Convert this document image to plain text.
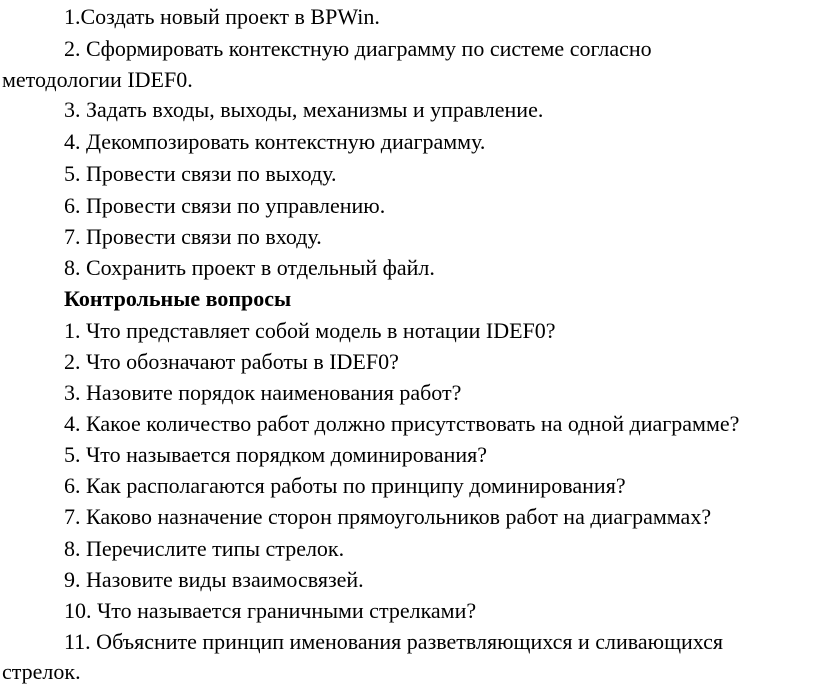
1.Создать новый проект в BPWin.
2. Сформировать контекстную диаграмму по системе согласно
методологии IDEF0.
3. Задать входы, выходы, механизмы и управление.
4. Декомпозировать контекстную диаграмму.
5. Провести связи по выходу.
6. Провести связи по управлению.
7. Провести связи по входу.
8. Сохранить проект в отдельный файл.
Контрольные вопросы
1. Что представляет собой модель в нотации IDEF0?
2. Что обозначают работы в IDEF0?
3. Назовите порядок наименования работ?
4. Какое количество работ должно присутствовать на одной диаграмме?
5. Что называется порядком доминирования?
6. Как располагаются работы по принципу доминирования?
7. Каково назначение сторон прямоугольников работ на диаграммах?
8. Перечислите типы стрелок.
9. Назовите виды взаимосвязей.
10. Что называется граничными стрелками?
11. Объясните принцип именования разветвляющихся и сливающихся
стрелок.
